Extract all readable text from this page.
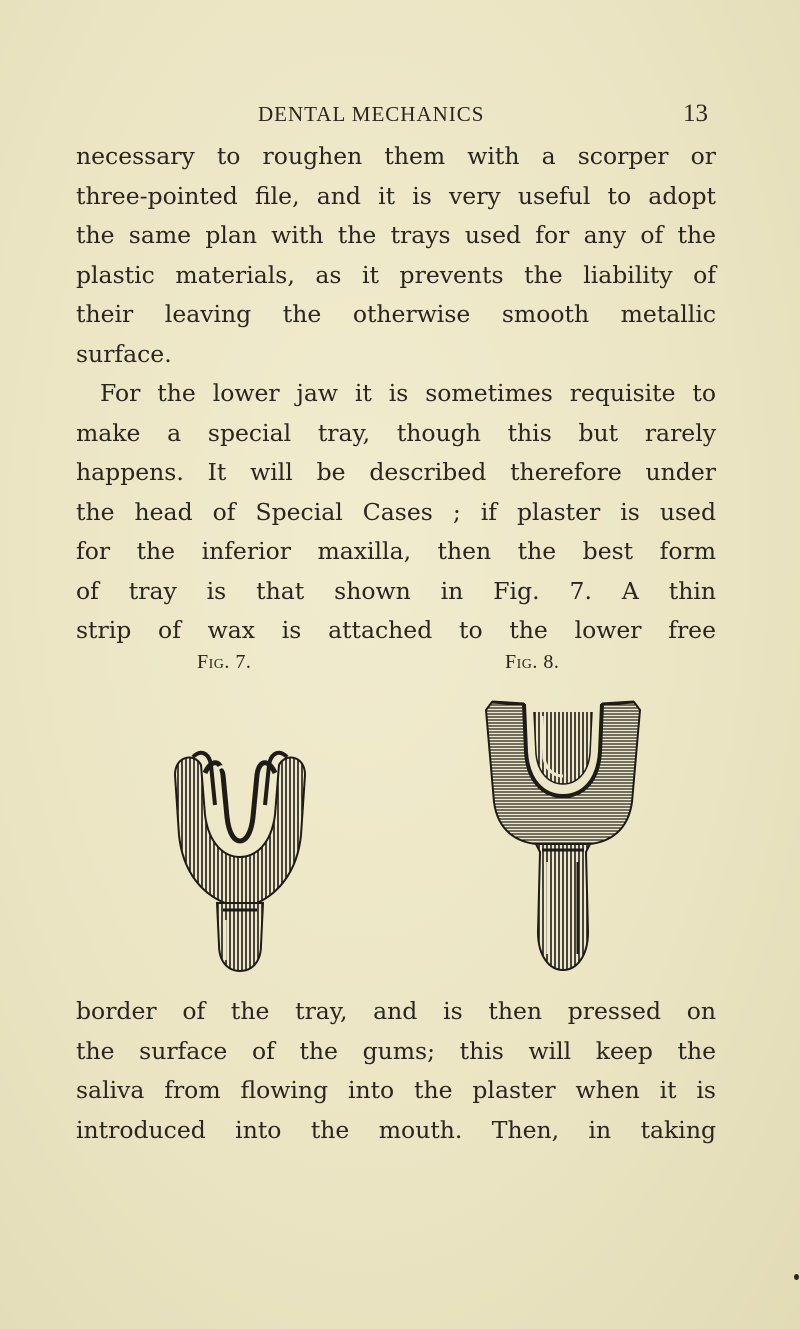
DENTAL MECHANICS	13
necessary to roughen them with a scorper or
three-pointed file, and it is very useful to adopt
the same plan with the trays used for any of the
plastic materials, as it prevents the liability of
their leaving the otherwise smooth metallic
surface.
For the lower jaw it is sometimes requisite to
make a special tray, though this but rarely
happens. It will be described therefore under
the head of Special Cases ; if plaster is used
for the inferior maxilla, then the best form
of tray is that shown in Fig. 7. A thin
strip of wax is attached to the lower free
Fig. 7.	Fig. 8.
border of the tray, and is then pressed on
the surface of the gums; this will keep the
saliva from flowing into the plaster when it is
introduced into the mouth. Then, in taking
